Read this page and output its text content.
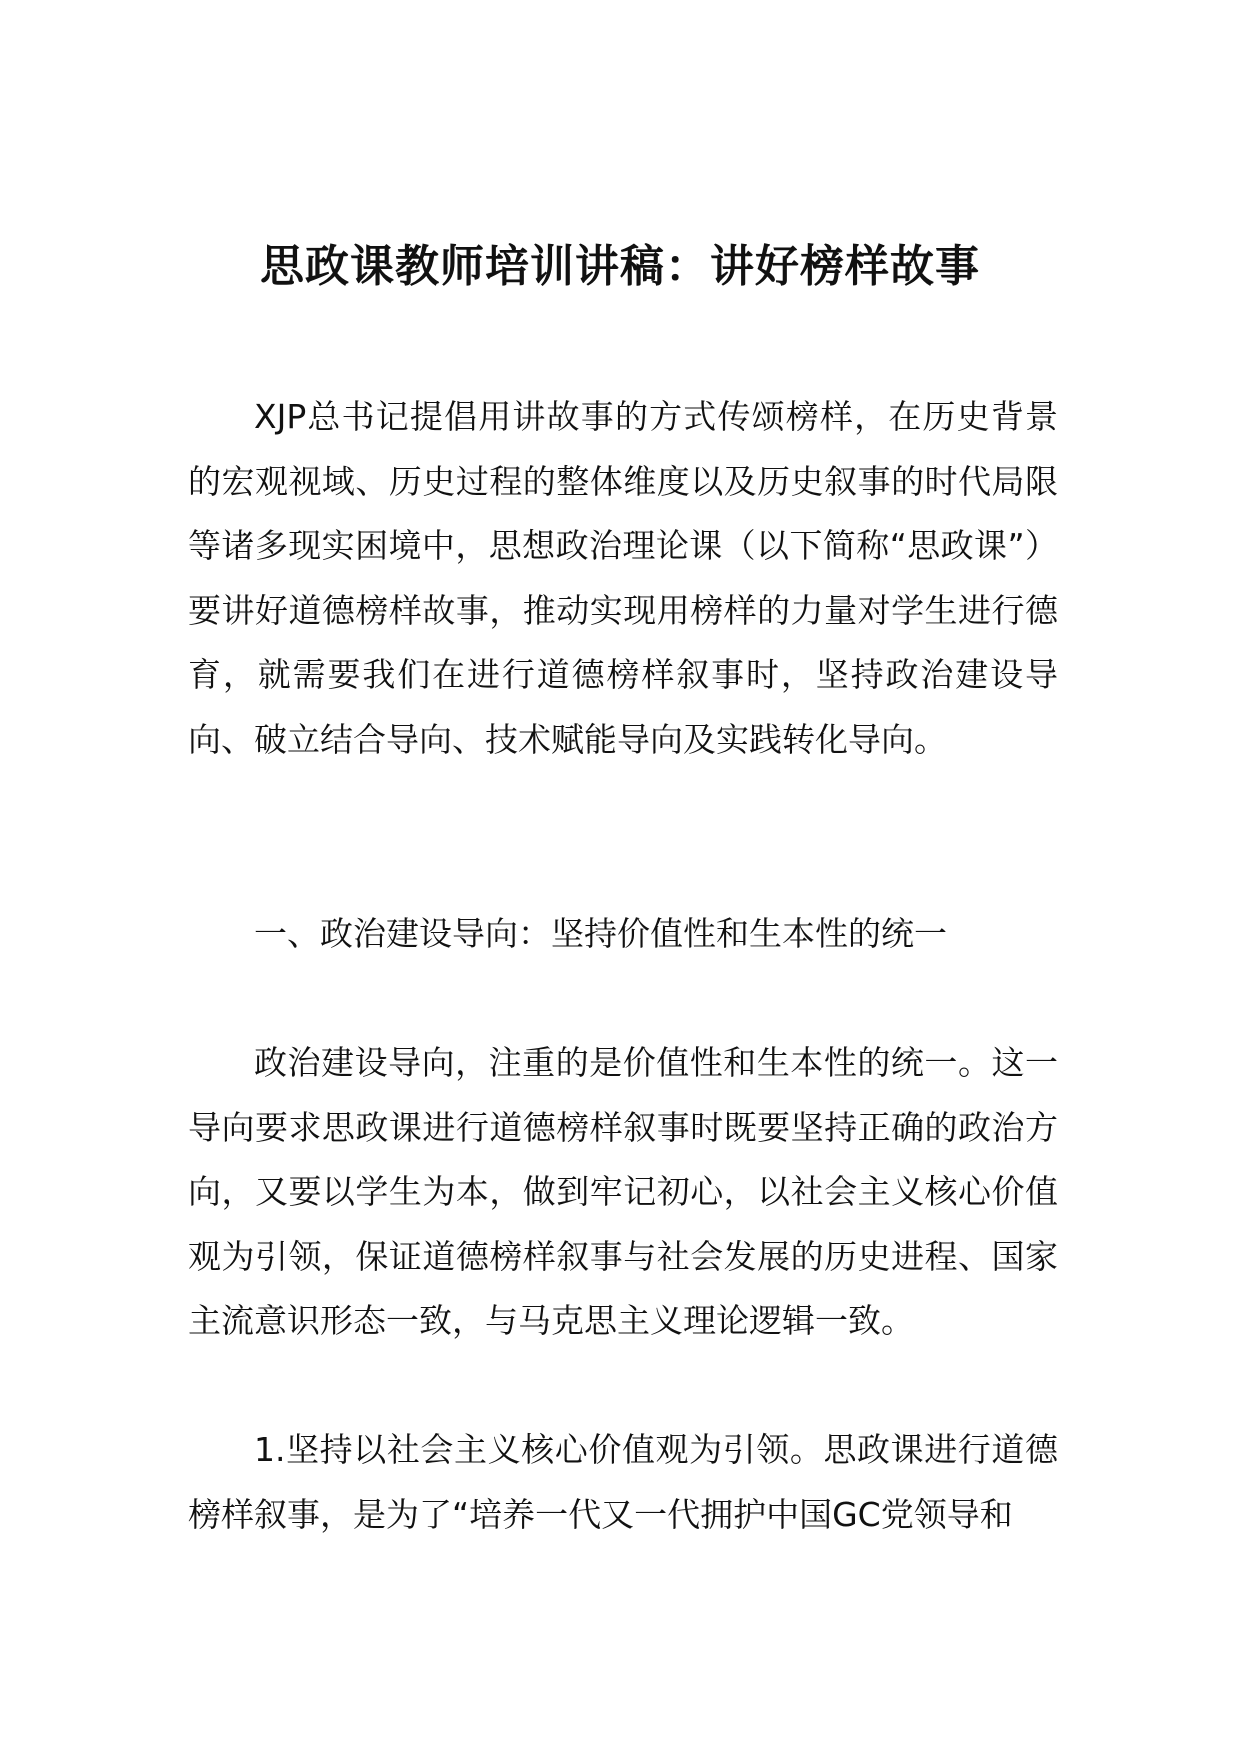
思政课教师培训讲稿：讲好榜样故事

XJP总书记提倡用讲故事的方式传颂榜样，在历史背景的宏观视域、历史过程的整体维度以及历史叙事的时代局限等诸多现实困境中，思想政治理论课（以下简称“思政课”）要讲好道德榜样故事，推动实现用榜样的力量对学生进行德育，就需要我们在进行道德榜样叙事时，坚持政治建设导向、破立结合导向、技术赋能导向及实践转化导向。

一、政治建设导向：坚持价值性和生本性的统一

政治建设导向，注重的是价值性和生本性的统一。这一导向要求思政课进行道德榜样叙事时既要坚持正确的政治方向，又要以学生为本，做到牢记初心，以社会主义核心价值观为引领，保证道德榜样叙事与社会发展的历史进程、国家主流意识形态一致，与马克思主义理论逻辑一致。

1.坚持以社会主义核心价值观为引领。思政课进行道德榜样叙事，是为了“培养一代又一代拥护中国GC党领导和
